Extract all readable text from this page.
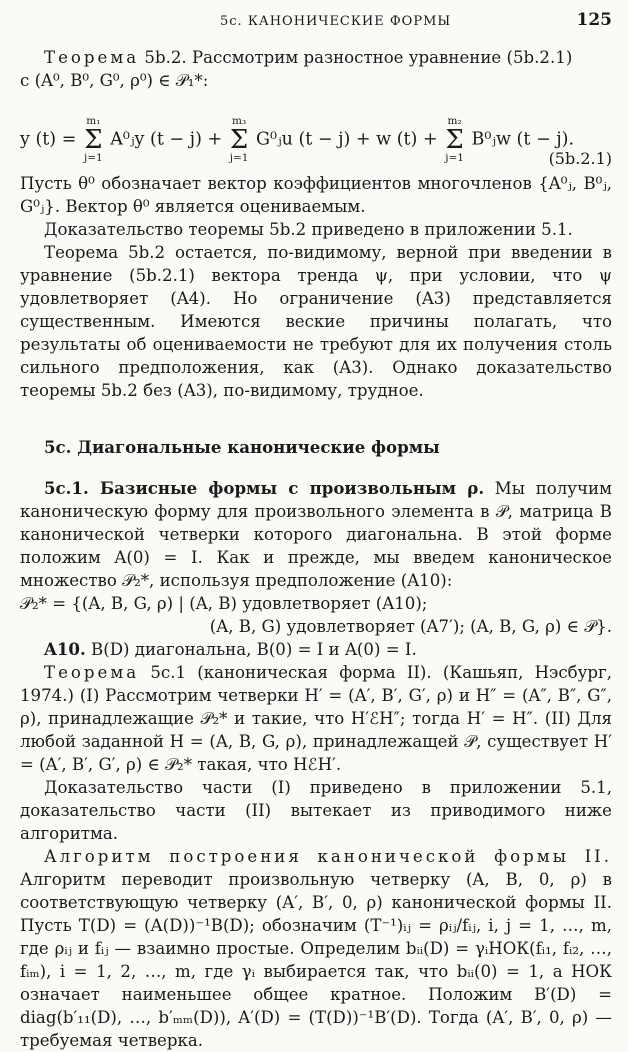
5с. КАНОНИЧЕСКИЕ ФОРМЫ	125

Теорема 5b.2. Рассмотрим разностное уравнение (5b.2.1)

с (A⁰, B⁰, G⁰, ρ⁰) ∈ 𝒫₁*:

y (t) =
m₁
Σ
j=1
A⁰ⱼy (t − j) +
m₃
Σ
j=1
G⁰ⱼu (t − j) + w (t) +
m₂
Σ
j=1
B⁰ⱼw (t − j).
(5b.2.1)

Пусть θ⁰ обозначает вектор коэффициентов многочленов {A⁰ⱼ, B⁰ⱼ, G⁰ⱼ}. Вектор θ⁰ является оцениваемым.

Доказательство теоремы 5b.2 приведено в приложении 5.1.

Теорема 5b.2 остается, по-видимому, верной при введении в уравнение (5b.2.1) вектора тренда ψ, при условии, что ψ удовлетворяет (A4). Но ограничение (A3) представляется существенным. Имеются веские причины полагать, что результаты об оцениваемости не требуют для их получения столь сильного предположения, как (A3). Однако доказательство теоремы 5b.2 без (A3), по-видимому, трудное.

5с. Диагональные канонические формы

5с.1. Базисные формы с произвольным ρ. Мы получим каноническую форму для произвольного элемента в 𝒫, матрица B канонической четверки которого диагональна. В этой форме положим A(0) = I. Как и прежде, мы введем каноническое множество 𝒫₂*, используя предположение (A10):

𝒫₂* = {(A, B, G, ρ) | (A, B) удовлетворяет (A10);

(A, B, G) удовлетворяет (A7′); (A, B, G, ρ) ∈ 𝒫}.

A10. B(D) диагональна, B(0) = I и A(0) = I.

Теорема 5с.1 (каноническая форма II). (Кашьяп, Нэсбург, 1974.) (I) Рассмотрим четверки H′ = (A′, B′, G′, ρ) и H″ = (A″, B″, G″, ρ), принадлежащие 𝒫₂* и такие, что H′ℰH″; тогда H′ = H″. (II) Для любой заданной H = (A, B, G, ρ), принадлежащей 𝒫, существует H′ = (A′, B′, G′, ρ) ∈ 𝒫₂* такая, что HℰH′.

Доказательство части (I) приведено в приложении 5.1, доказательство части (II) вытекает из приводимого ниже алгоритма.

Алгоритм построения канонической формы II. Алгоритм переводит произвольную четверку (A, B, 0, ρ) в соответствующую четверку (A′, B′, 0, ρ) канонической формы II. Пусть T(D) = (A(D))⁻¹B(D); обозначим (T⁻¹)ᵢⱼ = ρᵢⱼ/fᵢⱼ, i, j = 1, …, m, где ρᵢⱼ и fᵢⱼ — взаимно простые. Определим bᵢᵢ(D) = γᵢНОК(fᵢ₁, fᵢ₂, …, fᵢₘ), i = 1, 2, …, m, где γᵢ выбирается так, что bᵢᵢ(0) = 1, а НОК означает наименьшее общее кратное. Положим B′(D) = diag(b′₁₁(D), …, b′ₘₘ(D)), A′(D) = (T(D))⁻¹B′(D). Тогда (A′, B′, 0, ρ) — требуемая четверка.
